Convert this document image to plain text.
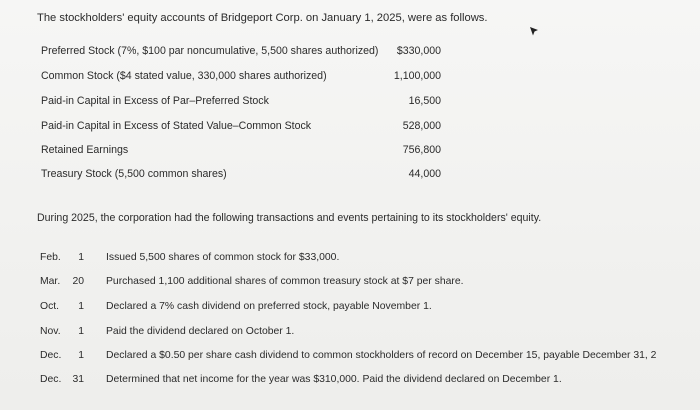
The stockholders' equity accounts of Bridgeport Corp. on January 1, 2025, were as follows.
Preferred Stock (7%, $100 par noncumulative, 5,500 shares authorized)	$330,000
Common Stock ($4 stated value, 330,000 shares authorized)	1,100,000
Paid-in Capital in Excess of Par–Preferred Stock	16,500
Paid-in Capital in Excess of Stated Value–Common Stock	528,000
Retained Earnings	756,800
Treasury Stock (5,500 common shares)	44,000
During 2025, the corporation had the following transactions and events pertaining to its stockholders' equity.
Feb.	1 Issued 5,500 shares of common stock for $33,000.
Mar.	20 Purchased 1,100 additional shares of common treasury stock at $7 per share.
Oct.	1 Declared a 7% cash dividend on preferred stock, payable November 1.
Nov.	1 Paid the dividend declared on October 1.
Dec.	1 Declared a $0.50 per share cash dividend to common stockholders of record on December 15, payable December 31, 2
Dec.	31 Determined that net income for the year was $310,000. Paid the dividend declared on December 1.
